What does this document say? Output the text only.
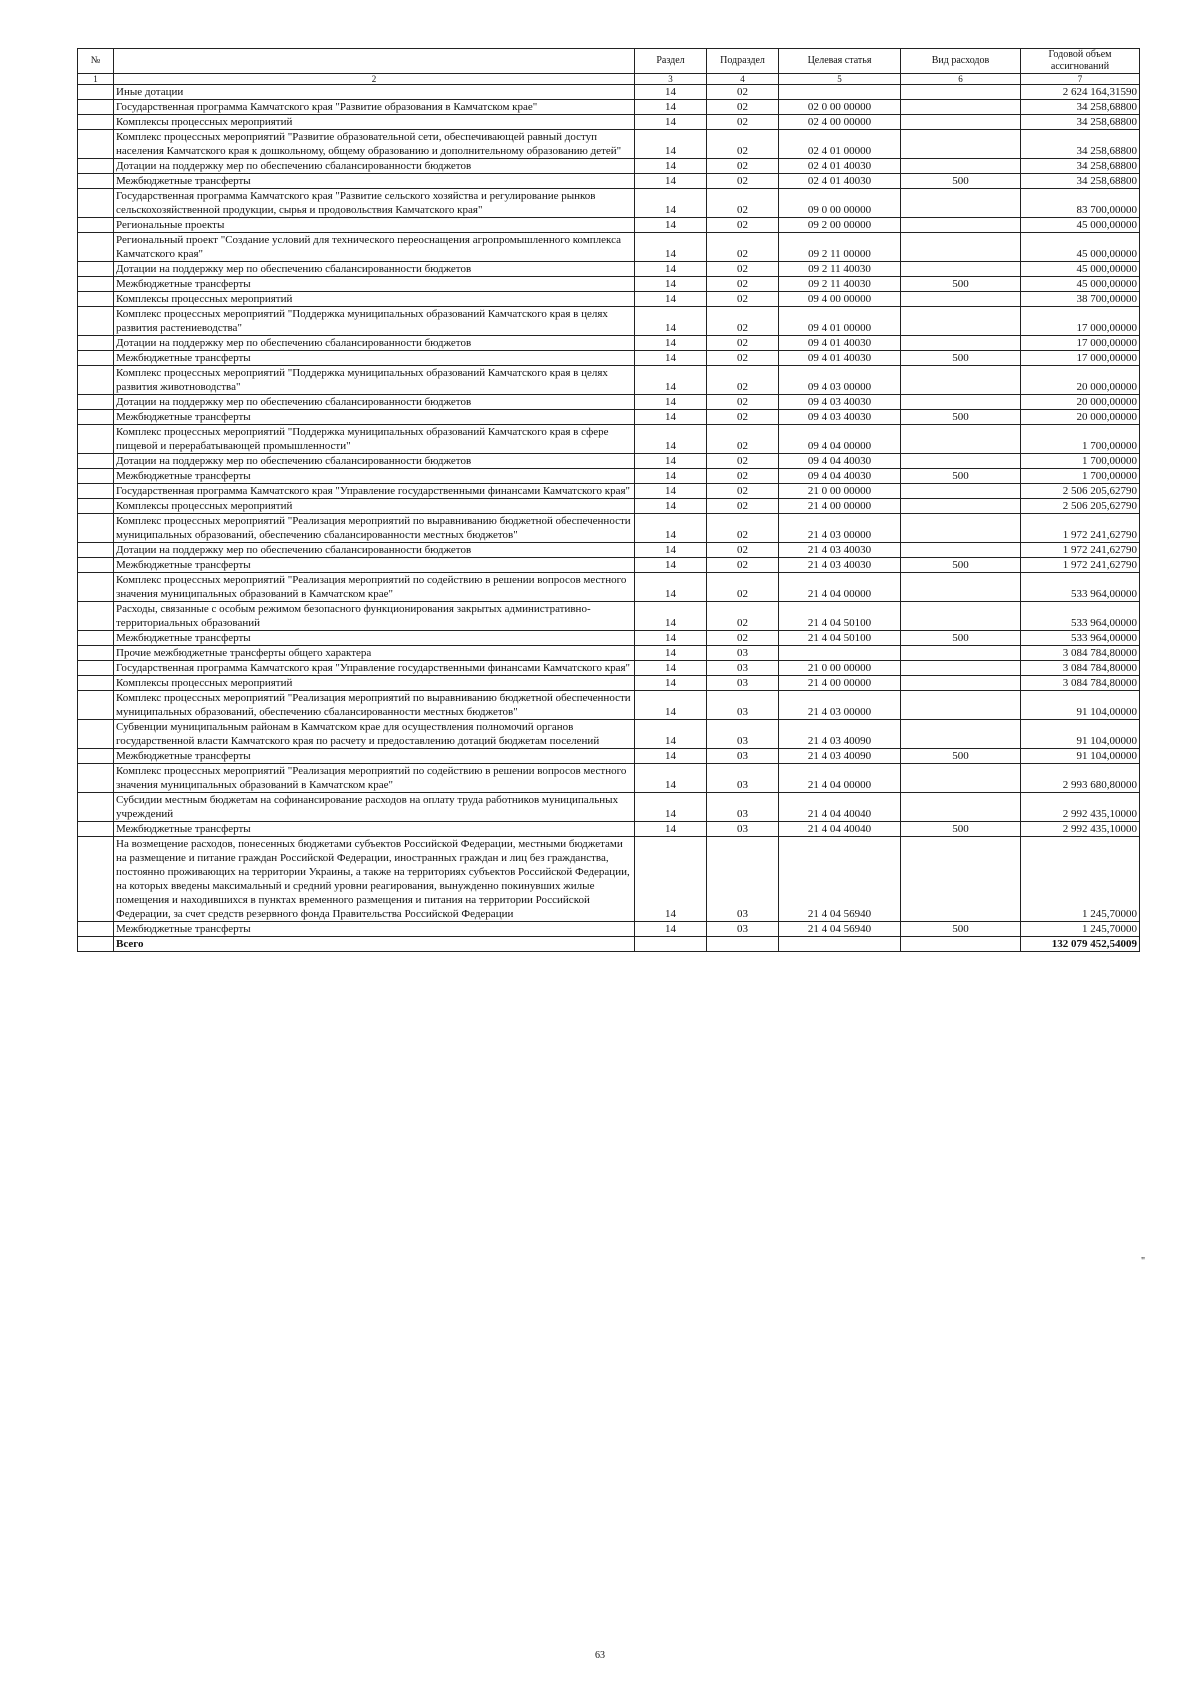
№		Раздел	Подраздел	Целевая статья	Вид расходов	Годовой объем ассигнований
1	2	3	4	5	6	7
	Иные дотации	14	02			2 624 164,31590
	Государственная программа Камчатского края "Развитие образования в Камчатском крае"	14	02	02 0 00 00000		34 258,68800
	Комплексы процессных мероприятий	14	02	02 4 00 00000		34 258,68800
	Комплекс процессных мероприятий "Развитие образовательной сети, обеспечивающей равный доступ населения Камчатского края к дошкольному, общему образованию и дополнительному образованию детей"	14	02	02 4 01 00000		34 258,68800
	Дотации на поддержку мер по обеспечению сбалансированности бюджетов	14	02	02 4 01 40030		34 258,68800
	Межбюджетные трансферты	14	02	02 4 01 40030	500	34 258,68800
	Государственная программа Камчатского края "Развитие сельского хозяйства и регулирование рынков сельскохозяйственной продукции, сырья и продовольствия Камчатского края"	14	02	09 0 00 00000		83 700,00000
	Региональные проекты	14	02	09 2 00 00000		45 000,00000
	Региональный проект "Создание условий для технического переоснащения агропромышленного комплекса Камчатского края"	14	02	09 2 11 00000		45 000,00000
	Дотации на поддержку мер по обеспечению сбалансированности бюджетов	14	02	09 2 11 40030		45 000,00000
	Межбюджетные трансферты	14	02	09 2 11 40030	500	45 000,00000
	Комплексы процессных мероприятий	14	02	09 4 00 00000		38 700,00000
	Комплекс процессных мероприятий "Поддержка муниципальных образований Камчатского края в целях развития растениеводства"	14	02	09 4 01 00000		17 000,00000
	Дотации на поддержку мер по обеспечению сбалансированности бюджетов	14	02	09 4 01 40030		17 000,00000
	Межбюджетные трансферты	14	02	09 4 01 40030	500	17 000,00000
	Комплекс процессных мероприятий "Поддержка муниципальных образований Камчатского края в целях развития животноводства"	14	02	09 4 03 00000		20 000,00000
	Дотации на поддержку мер по обеспечению сбалансированности бюджетов	14	02	09 4 03 40030		20 000,00000
	Межбюджетные трансферты	14	02	09 4 03 40030	500	20 000,00000
	Комплекс процессных мероприятий "Поддержка муниципальных образований Камчатского края в сфере пищевой и перерабатывающей промышленности"	14	02	09 4 04 00000		1 700,00000
	Дотации на поддержку мер по обеспечению сбалансированности бюджетов	14	02	09 4 04 40030		1 700,00000
	Межбюджетные трансферты	14	02	09 4 04 40030	500	1 700,00000
	Государственная программа Камчатского края "Управление государственными финансами Камчатского края"	14	02	21 0 00 00000		2 506 205,62790
	Комплексы процессных мероприятий	14	02	21 4 00 00000		2 506 205,62790
	Комплекс процессных мероприятий "Реализация мероприятий по выравниванию бюджетной обеспеченности муниципальных образований, обеспечению сбалансированности местных бюджетов"	14	02	21 4 03 00000		1 972 241,62790
	Дотации на поддержку мер по обеспечению сбалансированности бюджетов	14	02	21 4 03 40030		1 972 241,62790
	Межбюджетные трансферты	14	02	21 4 03 40030	500	1 972 241,62790
	Комплекс процессных мероприятий "Реализация мероприятий по содействию в решении вопросов местного значения муниципальных образований в Камчатском крае"	14	02	21 4 04 00000		533 964,00000
	Расходы, связанные с особым режимом безопасного функционирования закрытых административно-территориальных образований	14	02	21 4 04 50100		533 964,00000
	Межбюджетные трансферты	14	02	21 4 04 50100	500	533 964,00000
	Прочие межбюджетные трансферты общего характера	14	03			3 084 784,80000
	Государственная программа Камчатского края "Управление государственными финансами Камчатского края"	14	03	21 0 00 00000		3 084 784,80000
	Комплексы процессных мероприятий	14	03	21 4 00 00000		3 084 784,80000
	Комплекс процессных мероприятий "Реализация мероприятий по выравниванию бюджетной обеспеченности муниципальных образований, обеспечению сбалансированности местных бюджетов"	14	03	21 4 03 00000		91 104,00000
	Субвенции муниципальным районам в Камчатском крае для осуществления полномочий органов государственной власти Камчатского края по расчету и предоставлению дотаций бюджетам поселений	14	03	21 4 03 40090		91 104,00000
	Межбюджетные трансферты	14	03	21 4 03 40090	500	91 104,00000
	Комплекс процессных мероприятий "Реализация мероприятий по содействию в решении вопросов местного значения муниципальных образований в Камчатском крае"	14	03	21 4 04 00000		2 993 680,80000
	Субсидии местным бюджетам на софинансирование расходов на оплату труда работников муниципальных учреждений	14	03	21 4 04 40040		2 992 435,10000
	Межбюджетные трансферты	14	03	21 4 04 40040	500	2 992 435,10000
	На возмещение расходов, понесенных бюджетами субъектов Российской Федерации, местными бюджетами на размещение и питание граждан Российской Федерации, иностранных граждан и лиц без гражданства, постоянно проживающих на территории Украины, а также на территориях субъектов Российской Федерации, на которых введены максимальный и средний уровни реагирования, вынужденно покинувших жилые помещения и находившихся в пунктах временного размещения и питания на территории Российской Федерации, за счет средств резервного фонда Правительства Российской Федерации	14	03	21 4 04 56940		1 245,70000
	Межбюджетные трансферты	14	03	21 4 04 56940	500	1 245,70000
	Всего					132 079 452,54009
"
63
